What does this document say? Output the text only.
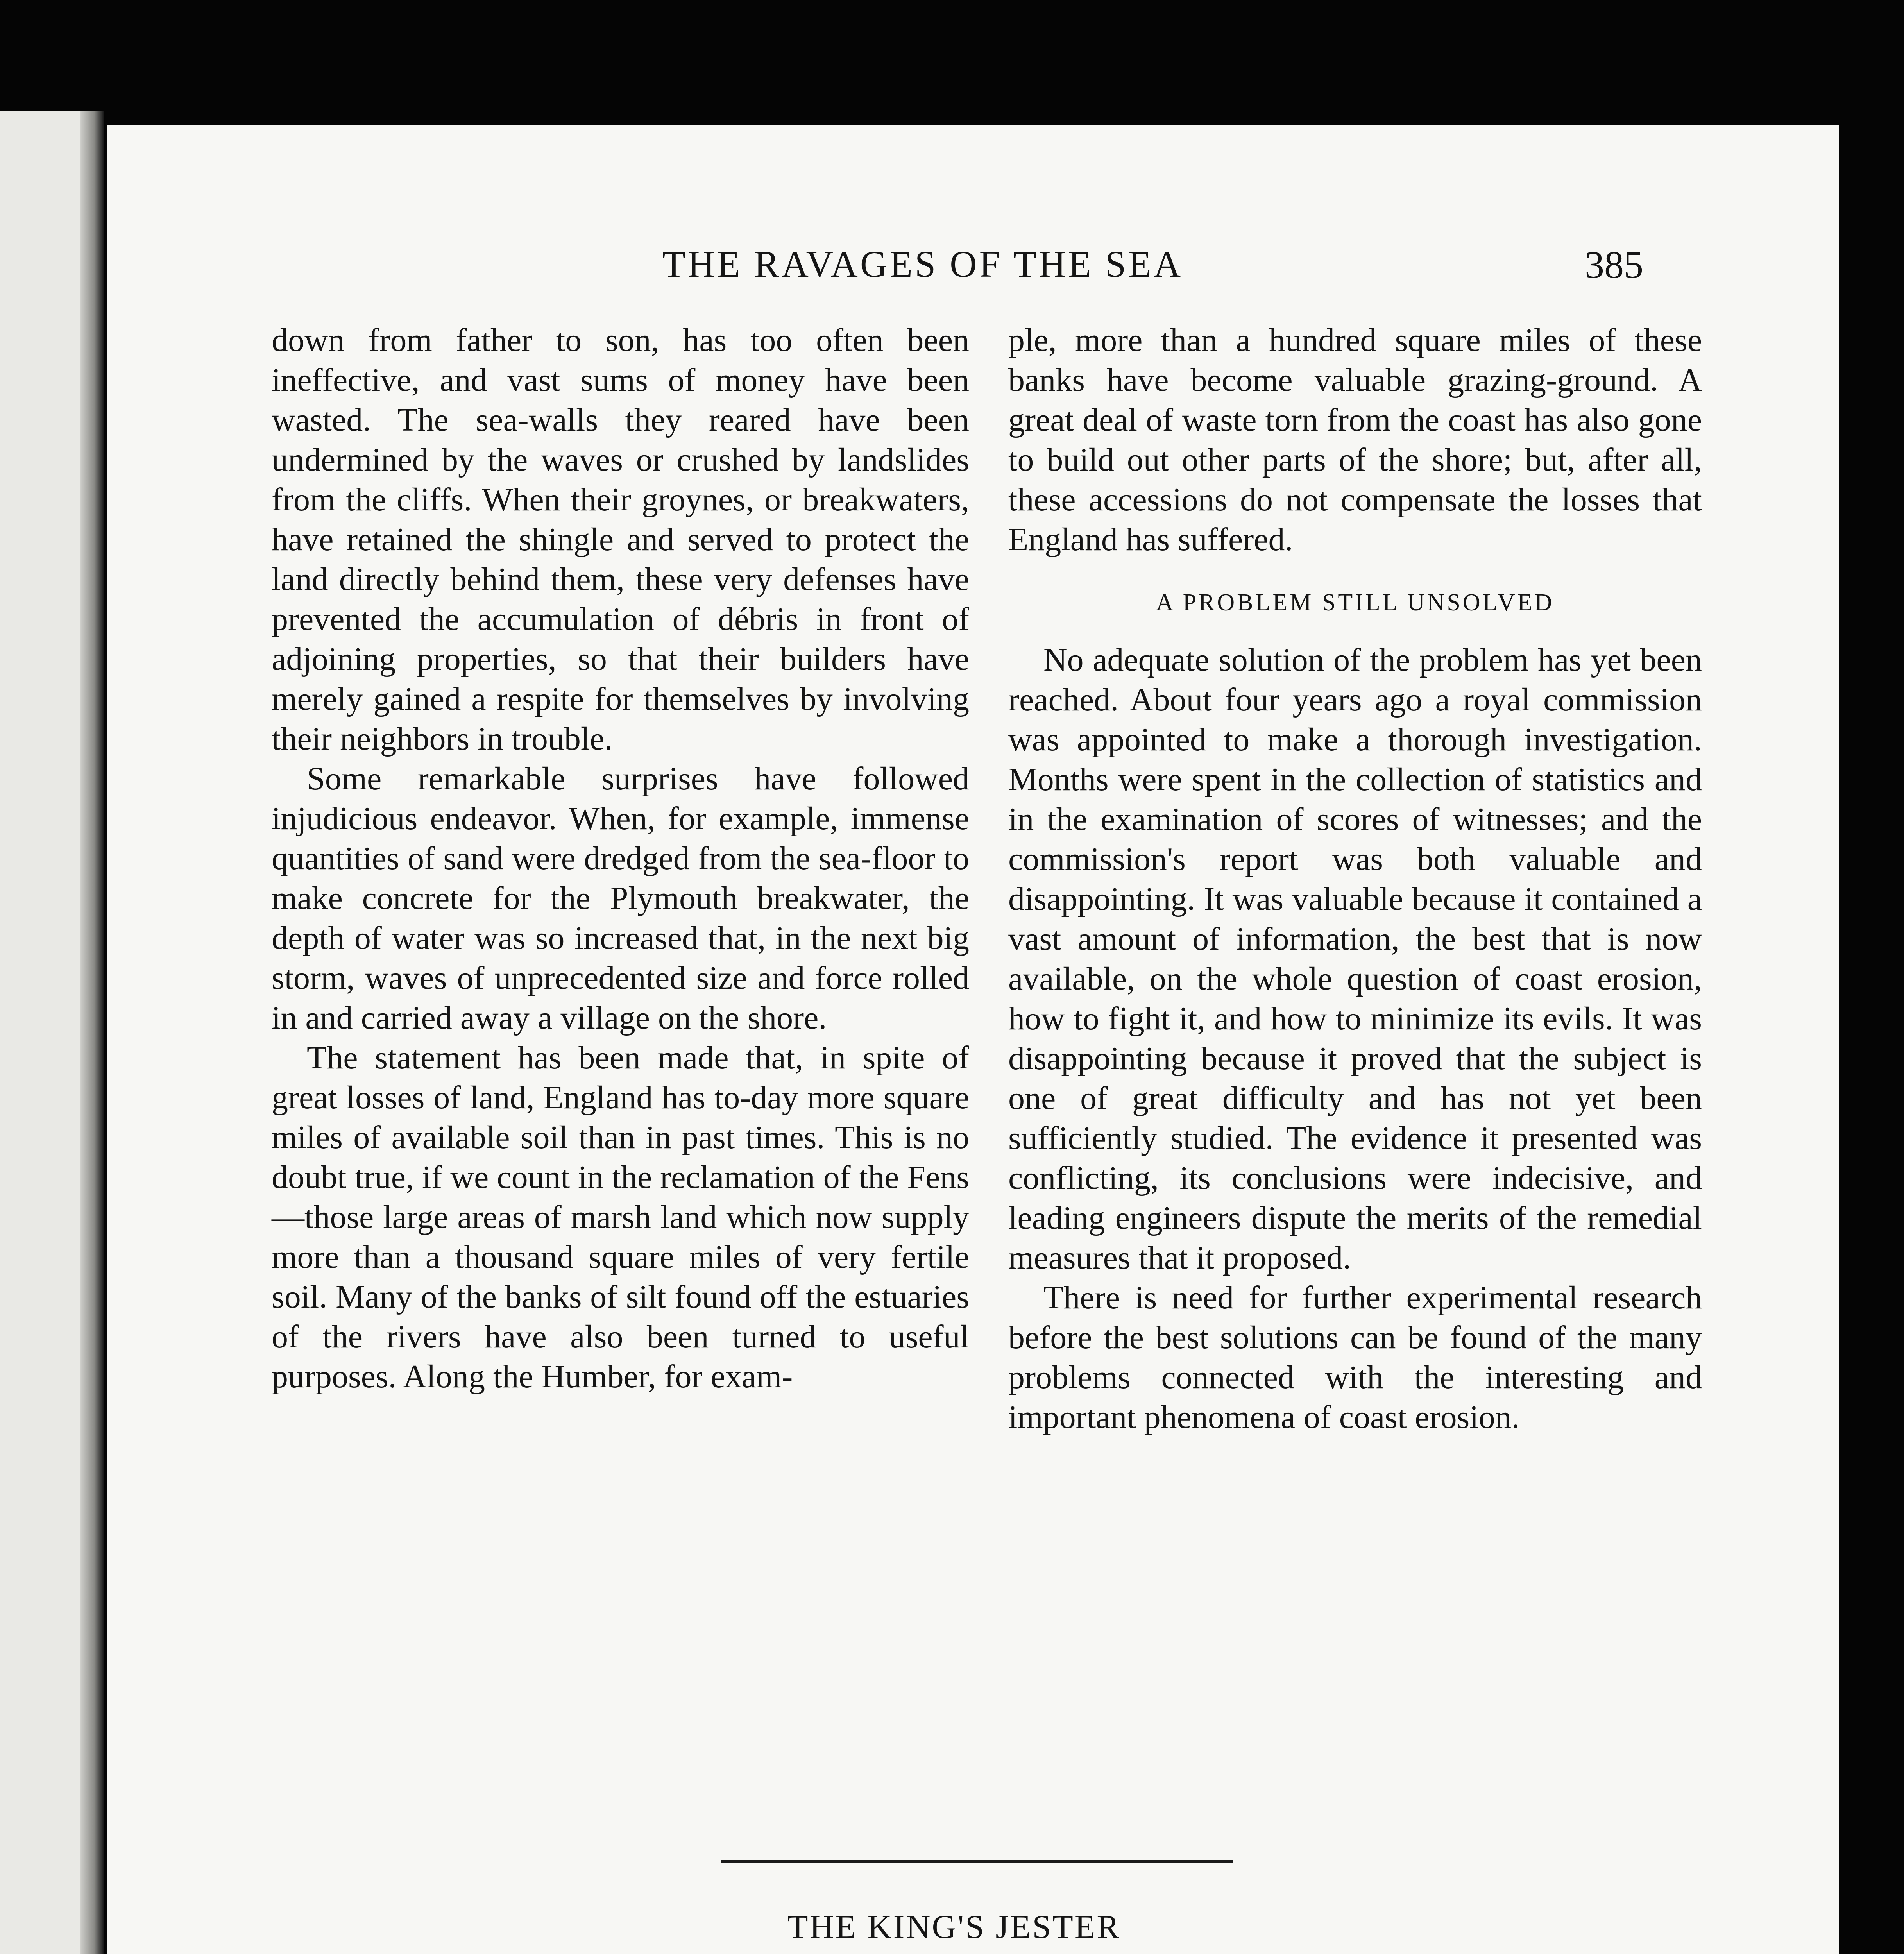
THE RAVAGES OF THE SEA	385

down from father to son, has too often been ineffective, and vast sums of money have been wasted. The sea-walls they reared have been undermined by the waves or crushed by landslides from the cliffs. When their groynes, or breakwaters, have retained the shingle and served to protect the land directly behind them, these very defenses have prevented the accumulation of débris in front of adjoining properties, so that their builders have merely gained a respite for themselves by involving their neighbors in trouble.

Some remarkable surprises have followed injudicious endeavor. When, for example, immense quantities of sand were dredged from the sea-floor to make concrete for the Plymouth breakwater, the depth of water was so increased that, in the next big storm, waves of unprecedented size and force rolled in and carried away a village on the shore.

The statement has been made that, in spite of great losses of land, England has to-day more square miles of available soil than in past times. This is no doubt true, if we count in the reclamation of the Fens —those large areas of marsh land which now supply more than a thousand square miles of very fertile soil. Many of the banks of silt found off the estuaries of the rivers have also been turned to useful purposes. Along the Humber, for exam-

ple, more than a hundred square miles of these banks have become valuable grazing-ground. A great deal of waste torn from the coast has also gone to build out other parts of the shore; but, after all, these accessions do not compensate the losses that England has suffered.

A PROBLEM STILL UNSOLVED

No adequate solution of the problem has yet been reached. About four years ago a royal commission was appointed to make a thorough investigation. Months were spent in the collection of statistics and in the examination of scores of witnesses; and the commission's report was both valuable and disappointing. It was valuable because it contained a vast amount of information, the best that is now available, on the whole question of coast erosion, how to fight it, and how to minimize its evils. It was disappointing because it proved that the subject is one of great difficulty and has not yet been sufficiently studied. The evidence it presented was conflicting, its conclusions were indecisive, and leading engineers dispute the merits of the remedial measures that it proposed.

There is need for further experimental research before the best solutions can be found of the many problems connected with the interesting and important phenomena of coast erosion.

THE KING'S JESTER
